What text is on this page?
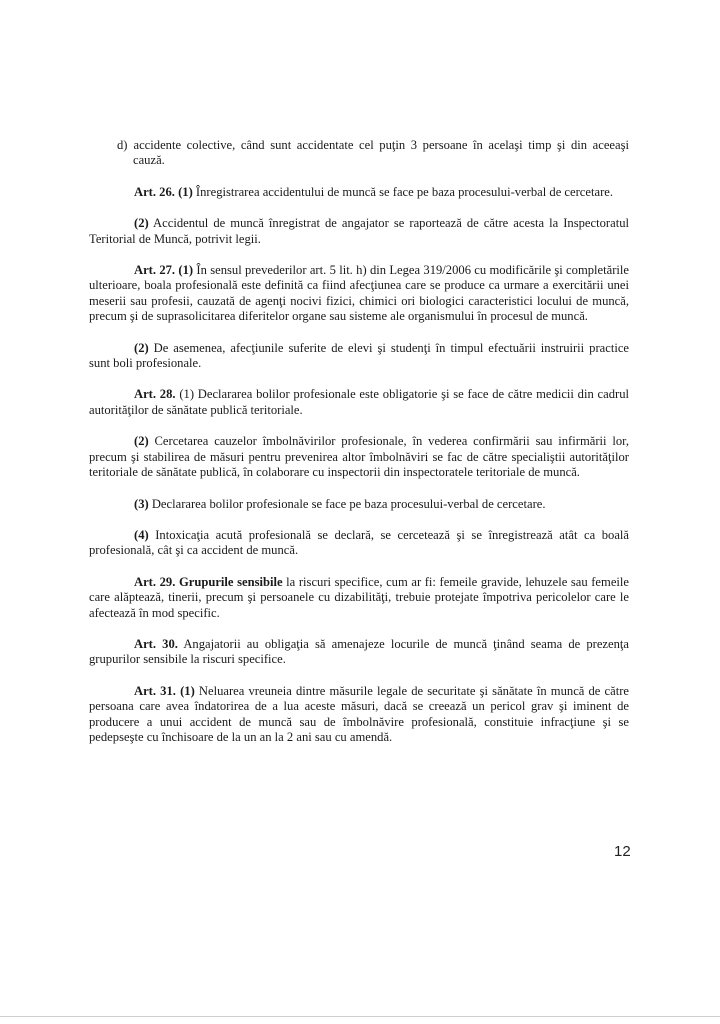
d) accidente colective, când sunt accidentate cel puţin 3 persoane în acelaşi timp şi din aceeaşi cauză.

Art. 26. (1) Înregistrarea accidentului de muncă se face pe baza procesului-verbal de cercetare.

(2) Accidentul de muncă înregistrat de angajator se raportează de către acesta la Inspectoratul Teritorial de Muncă, potrivit legii.

Art. 27. (1) În sensul prevederilor art. 5 lit. h) din Legea 319/2006 cu modificările şi completările ulterioare, boala profesională este definită ca fiind afecţiunea care se produce ca urmare a exercitării unei meserii sau profesii, cauzată de agenţi nocivi fizici, chimici ori biologici caracteristici locului de muncă, precum şi de suprasolicitarea diferitelor organe sau sisteme ale organismului în procesul de muncă.

(2) De asemenea, afecţiunile suferite de elevi şi studenţi în timpul efectuării instruirii practice sunt boli profesionale.

Art. 28. (1) Declararea bolilor profesionale este obligatorie şi se face de către medicii din cadrul autorităţilor de sănătate publică teritoriale.

(2) Cercetarea cauzelor îmbolnăvirilor profesionale, în vederea confirmării sau infirmării lor, precum şi stabilirea de măsuri pentru prevenirea altor îmbolnăviri se fac de către specialiştii autorităţilor teritoriale de sănătate publică, în colaborare cu inspectorii din inspectoratele teritoriale de muncă.

(3) Declararea bolilor profesionale se face pe baza procesului-verbal de cercetare.

(4) Intoxicaţia acută profesională se declară, se cercetează şi se înregistrează atât ca boală profesională, cât şi ca accident de muncă.

Art. 29. Grupurile sensibile la riscuri specifice, cum ar fi: femeile gravide, lehuzele sau femeile care alăptează, tinerii, precum şi persoanele cu dizabilităţi, trebuie protejate împotriva pericolelor care le afectează în mod specific.

Art. 30. Angajatorii au obligaţia să amenajeze locurile de muncă ţinând seama de prezenţa grupurilor sensibile la riscuri specifice.

Art. 31. (1) Neluarea vreuneia dintre măsurile legale de securitate şi sănătate în muncă de către persoana care avea îndatorirea de a lua aceste măsuri, dacă se creează un pericol grav şi iminent de producere a unui accident de muncă sau de îmbolnăvire profesională, constituie infracţiune şi se pedepseşte cu închisoare de la un an la 2 ani sau cu amendă.

12
